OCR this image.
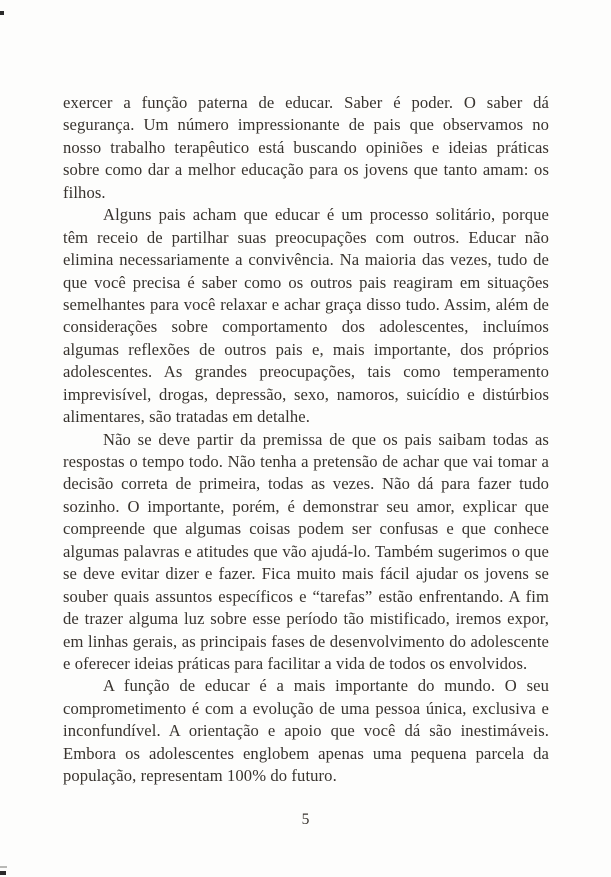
exercer a função paterna de educar. Saber é poder. O saber dá segurança. Um número impressionante de pais que observamos no nosso trabalho terapêutico está buscando opiniões e ideias práticas sobre como dar a melhor educação para os jovens que tanto amam: os filhos.

Alguns pais acham que educar é um processo solitário, porque têm receio de partilhar suas preocupações com outros. Educar não elimina necessariamente a convivência. Na maioria das vezes, tudo de que você precisa é saber como os outros pais reagiram em situações semelhantes para você relaxar e achar graça disso tudo. Assim, além de considerações sobre comportamento dos adolescentes, incluímos algumas reflexões de outros pais e, mais importante, dos próprios adolescentes. As grandes preocupações, tais como temperamento imprevisível, drogas, depressão, sexo, namoros, suicídio e distúrbios alimentares, são tratadas em detalhe.

Não se deve partir da premissa de que os pais saibam todas as respostas o tempo todo. Não tenha a pretensão de achar que vai tomar a decisão correta de primeira, todas as vezes. Não dá para fazer tudo sozinho. O importante, porém, é demonstrar seu amor, explicar que compreende que algumas coisas podem ser confusas e que conhece algumas palavras e atitudes que vão ajudá-lo. Também sugerimos o que se deve evitar dizer e fazer. Fica muito mais fácil ajudar os jovens se souber quais assuntos específicos e “tarefas” estão enfrentando. A fim de trazer alguma luz sobre esse período tão mistificado, iremos expor, em linhas gerais, as principais fases de desenvolvimento do adolescente e oferecer ideias práticas para facilitar a vida de todos os envolvidos.

A função de educar é a mais importante do mundo. O seu comprometimento é com a evolução de uma pessoa única, exclusiva e inconfundível. A orientação e apoio que você dá são inestimáveis. Embora os adolescentes englobem apenas uma pequena parcela da população, representam 100% do futuro.

5
